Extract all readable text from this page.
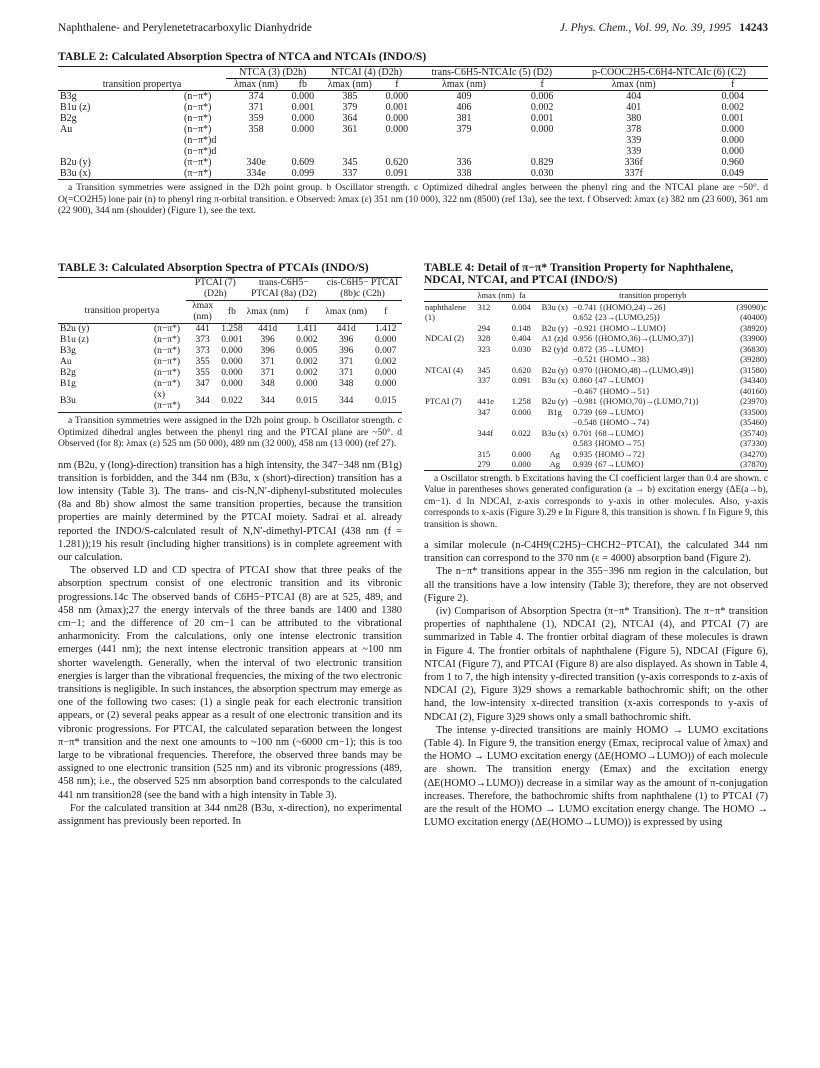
Naphthalene- and Perylenetetracarboxylic Dianhydride	J. Phys. Chem., Vol. 99, No. 39, 1995 14243
TABLE 2: Calculated Absorption Spectra of NTCA and NTCAIs (INDO/S)
		NTCA (3) (D2h)		NTCAI (4) (D2h)		trans-C6H5-NTCAIc (5) (D2)		p-COOC2H5-C6H4-NTCAIc (6) (C2)	
transition propertya		λmax (nm)	fb	λmax (nm)	f	λmax (nm)	f	λmax (nm)	f
B3g	(n−π*)	374	0.000	385	0.000	409	0.006	404	0.004
B1u (z)	(n−π*)	371	0.001	379	0.001	406	0.002	401	0.002
B2g	(n−π*)	359	0.000	364	0.000	381	0.001	380	0.001
Au	(n−π*)	358	0.000	361	0.000	379	0.000	378	0.000
	(n−π*)d							339	0.000
	(n−π*)d							339	0.000
B2u (y)	(π−π*)	340e	0.609	345	0.620	336	0.829	336f	0.960
B3u (x)	(π−π*)	334e	0.099	337	0.091	338	0.030	337f	0.049
a Transition symmetries were assigned in the D2h point group. b Oscillator strength. c Optimized dihedral angles between the phenyl ring and the NTCAI plane are ~50°. d O(=CO2H5) lone pair (n) to phenyl ring π-orbital transition. e Observed: λmax (ε) 351 nm (10 000), 322 nm (8500) (ref 13a), see the text. f Observed: λmax (ε) 382 nm (23 600), 361 nm (22 900), 344 nm (shoulder) (Figure 1), see the text.
TABLE 3: Calculated Absorption Spectra of PTCAIs (INDO/S)
		PTCAI (7) (D2h)		trans-C6H5− PTCAI (8a) (D2)		cis-C6H5− PTCAI (8b)c (C2h)	
transition propertya		λmax (nm)	fb	λmax (nm)	f	λmax (nm)	f
B2u (y)	(π−π*)	441	1.258	441d	1.411	441d	1.412
B1u (z)	(n−π*)	373	0.001	396	0.002	396	0.000
B3g	(n−π*)	373	0.000	396	0.005	396	0.007
Au	(n−π*)	355	0.000	371	0.002	371	0.002
B2g	(n−π*)	355	0.000	371	0.002	371	0.000
B1g	(n−π*)	347	0.000	348	0.000	348	0.000
B3u	(x) (π−π*)	344	0.022	344	0.015	344	0.015
a Transition symmetries were assigned in the D2h point group. b Oscillator strength. c Optimized dihedral angles between the phenyl ring and the PTCAI plane are ~50°. d Observed (for 8): λmax (ε) 525 nm (50 000), 489 nm (32 000), 458 nm (13 000) (ref 27).

nm (B2u, y (long)-direction) transition has a high intensity, the 347−348 nm (B1g) transition is forbidden, and the 344 nm (B3u, x (short)-direction) transition has a low intensity (Table 3). The trans- and cis-N,N′-diphenyl-substituted molecules (8a and 8b) show almost the same transition properties, because the transition properties are mainly determined by the PTCAI moiety. Sadrai et al. already reported the INDO/S-calculated result of N,N′-dimethyl-PTCAI (438 nm (f = 1.281));19 his result (including higher transitions) is in complete agreement with our calculation.

The observed LD and CD spectra of PTCAI show that three peaks of the absorption spectrum consist of one electronic transition and its vibronic progressions.14c The observed bands of C6H5−PTCAI (8) are at 525, 489, and 458 nm (λmax);27 the energy intervals of the three bands are 1400 and 1380 cm−1; and the difference of 20 cm−1 can be attributed to the vibrational anharmonicity. From the calculations, only one intense electronic transition emerges (441 nm); the next intense electronic transition appears at ~100 nm shorter wavelength. Generally, when the interval of two electronic transition energies is larger than the vibrational frequencies, the mixing of the two electronic transitions is negligible. In such instances, the absorption spectrum may emerge as one of the following two cases: (1) a single peak for each electronic transition appears, or (2) several peaks appear as a result of one electronic transition and its vibronic progressions. For PTCAI, the calculated separation between the longest π−π* transition and the next one amounts to ~100 nm (~6000 cm−1); this is too large to be vibrational frequencies. Therefore, the observed three bands may be assigned to one electronic transition (525 nm) and its vibronic progressions (489, 458 nm); i.e., the observed 525 nm absorption band corresponds to the calculated 441 nm transition28 (see the band with a high intensity in Table 3).

For the calculated transition at 344 nm28 (B3u, x-direction), no experimental assignment has previously been reported. In

TABLE 4: Detail of π−π* Transition Property for Naphthalene, NDCAI, NTCAI, and PTCAI (INDO/S)
	λmax (nm) fa		transition propertyb		
naphthalene	312	0.004	B3u (x)	−0.741 {(HOMO,24)→26}	(39090)c
(1)				0.652 {23→(LUMO,25)}	(40400)
	294	0.148	B2u (y)	−0.921 {HOMO→LUMO}	(38920)
NDCAI (2)	328	0.404	A1 (z)d	0.956 {(HOMO,36)→(LUMO,37)}	(33900)
	323	0.030	B2 (y)d	0.872 {35→LUMO}	(36830)
				−0.521 {HOMO→38}	(39280)
NTCAI (4)	345	0.620	B2u (y)	0.970 {(HOMO,48)→(LUMO,49)}	(31580)
	337	0.091	B3u (x)	0.860 {47→LUMO}	(34340)
				−0.467 {HOMO→51}	(40160)
PTCAI (7)	441e	1.258	B2u (y)	−0.981 {(HOMO,70)→(LUMO,71)}	(23970)
	347	0.000	B1g	0.739 {69→LUMO}	(33500)
				−0.548 {HOMO→74}	(35460)
	344f	0.022	B3u (x)	0.701 {68→LUMO}	(35740)
				0.583 {HOMO→75}	(37330)
	315	0.000	Ag	0.935 {HOMO→72}	(34270)
	279	0.000	Ag	0.939 {67→LUMO}	(37870)
a Oscillator strength. b Excitations having the CI coefficient larger than 0.4 are shown. c Value in parentheses shows generated configuration (a → b) excitation energy (ΔE(a→b), cm−1). d In NDCAI, z-axis corresponds to y-axis in other molecules. Also, y-axis corresponds to x-axis (Figure 3).29 e In Figure 8, this transition is shown. f In Figure 9, this transition is shown.

a similar molecule (n-C4H9(C2H5)−CHCH2−PTCAI), the calculated 344 nm transition can correspond to the 370 nm (ε = 4000) absorption band (Figure 2).

The n−π* transitions appear in the 355−396 nm region in the calculation, but all the transitions have a low intensity (Table 3); therefore, they are not observed (Figure 2).

(iv) Comparison of Absorption Spectra (π−π* Transition). The π−π* transition properties of naphthalene (1), NDCAI (2), NTCAI (4), and PTCAI (7) are summarized in Table 4. The frontier orbital diagram of these molecules is drawn in Figure 4. The frontier orbitals of naphthalene (Figure 5), NDCAI (Figure 6), NTCAI (Figure 7), and PTCAI (Figure 8) are also displayed. As shown in Table 4, from 1 to 7, the high intensity y-directed transition (y-axis corresponds to z-axis of NDCAI (2), Figure 3)29 shows a remarkable bathochromic shift; on the other hand, the low-intensity x-directed transition (x-axis corresponds to y-axis of NDCAI (2), Figure 3)29 shows only a small bathochromic shift.

The intense y-directed transitions are mainly HOMO → LUMO excitations (Table 4). In Figure 9, the transition energy (Emax, reciprocal value of λmax) and the HOMO → LUMO excitation energy (ΔE(HOMO→LUMO)) of each molecule are shown. The transition energy (Emax) and the excitation energy (ΔE(HOMO→LUMO)) decrease in a similar way as the amount of π-conjugation increases. Therefore, the bathochromic shifts from naphthalene (1) to PTCAI (7) are the result of the HOMO → LUMO excitation energy change. The HOMO → LUMO excitation energy (ΔE(HOMO→LUMO)) is expressed by using
